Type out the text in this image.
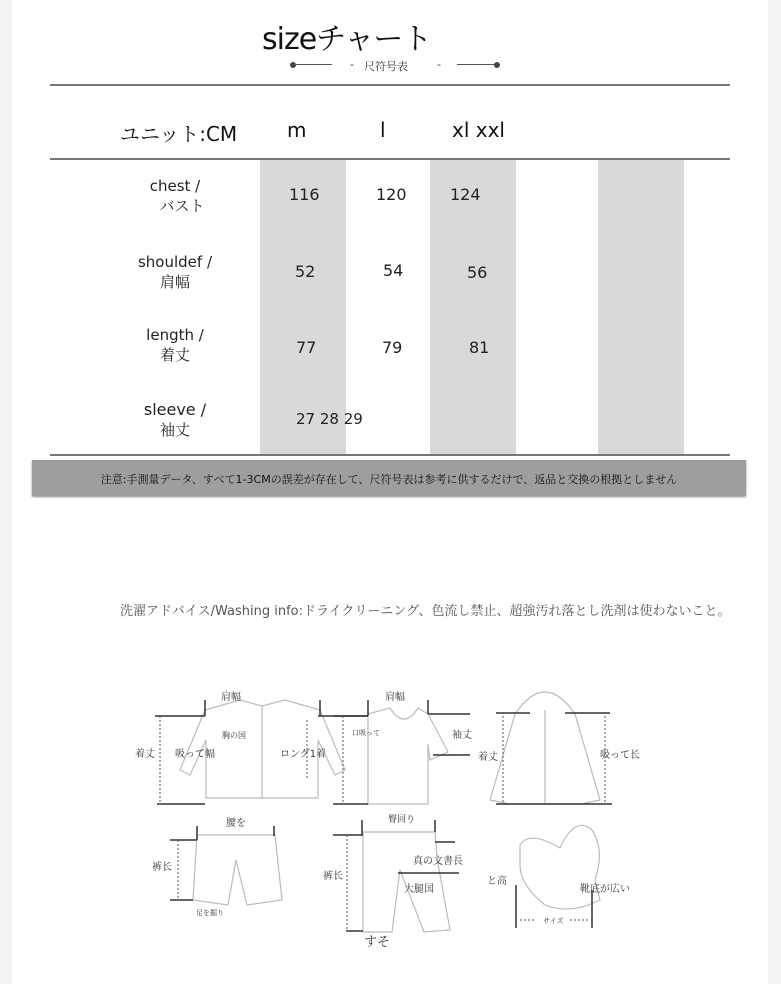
sizeチャート
- 尺符号表	-
ユニット:CM m	l	xl xxl
chest /
バスト
116	120	124
shouldef /
肩幅
52	54	56
length /
着丈	77	79	81
sleeve /
袖丈
27 28 29
注意:手測量データ、すべて1-3CMの誤差が存在して、尺符号表は参考に供するだけで、返品と交換の根拠としません
洗濯アドバイス/Washing info:ドライクリーニング、色流し禁止、超強汚れ落とし洗剤は使わないこと。
肩幅
胸の国
着丈 吸って幅	ロング1着
肩幅
口吸って	袖丈
着丈	吸って长
腰を
裤长
足を掘り
臀回り
裤长
真の文書長
大腿国
すそ
と高
靴底が広い
サイズ
